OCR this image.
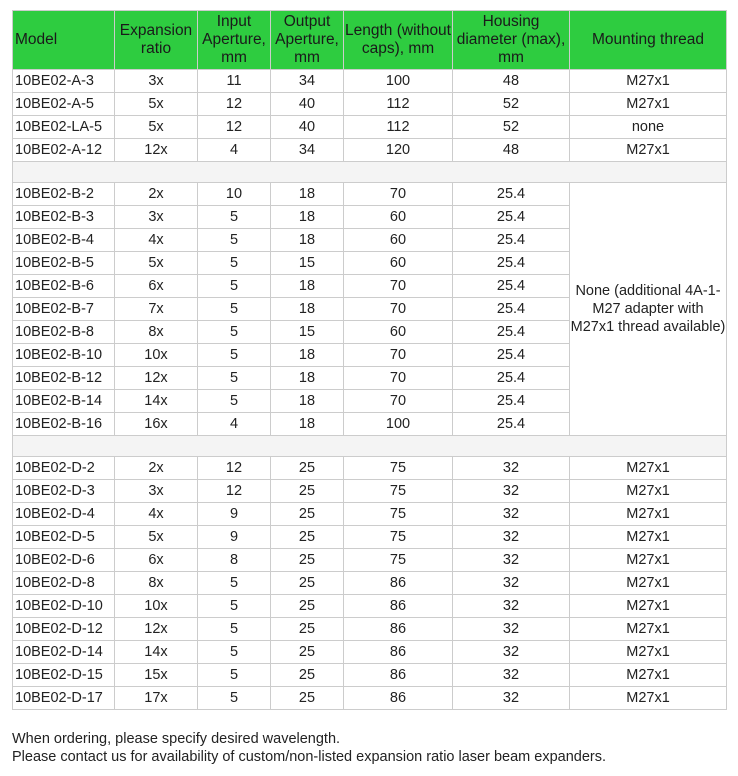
Model	Expansion ratio	Input Aperture, mm	Output Aperture, mm	Length (without caps), mm	Housing diameter (max), mm	Mounting thread
10BE02-A-3	3x	11	34	100	48	M27x1
10BE02-A-5	5x	12	40	112	52	M27x1
10BE02-LA-5	5x	12	40	112	52	none
10BE02-A-12	12x	4	34	120	48	M27x1

10BE02-B-2	2x	10	18	70	25.4	None (additional 4A-1-M27 adapter with M27x1 thread available)
10BE02-B-3	3x	5	18	60	25.4	
10BE02-B-4	4x	5	18	60	25.4	
10BE02-B-5	5x	5	15	60	25.4	
10BE02-B-6	6x	5	18	70	25.4	
10BE02-B-7	7x	5	18	70	25.4	
10BE02-B-8	8x	5	15	60	25.4	
10BE02-B-10	10x	5	18	70	25.4	
10BE02-B-12	12x	5	18	70	25.4	
10BE02-B-14	14x	5	18	70	25.4	
10BE02-B-16	16x	4	18	100	25.4	

10BE02-D-2	2x	12	25	75	32	M27x1
10BE02-D-3	3x	12	25	75	32	M27x1
10BE02-D-4	4x	9	25	75	32	M27x1
10BE02-D-5	5x	9	25	75	32	M27x1
10BE02-D-6	6x	8	25	75	32	M27x1
10BE02-D-8	8x	5	25	86	32	M27x1
10BE02-D-10	10x	5	25	86	32	M27x1
10BE02-D-12	12x	5	25	86	32	M27x1
10BE02-D-14	14x	5	25	86	32	M27x1
10BE02-D-15	15x	5	25	86	32	M27x1
10BE02-D-17	17x	5	25	86	32	M27x1
When ordering, please specify desired wavelength.
Please contact us for availability of custom/non-listed expansion ratio laser beam expanders.
